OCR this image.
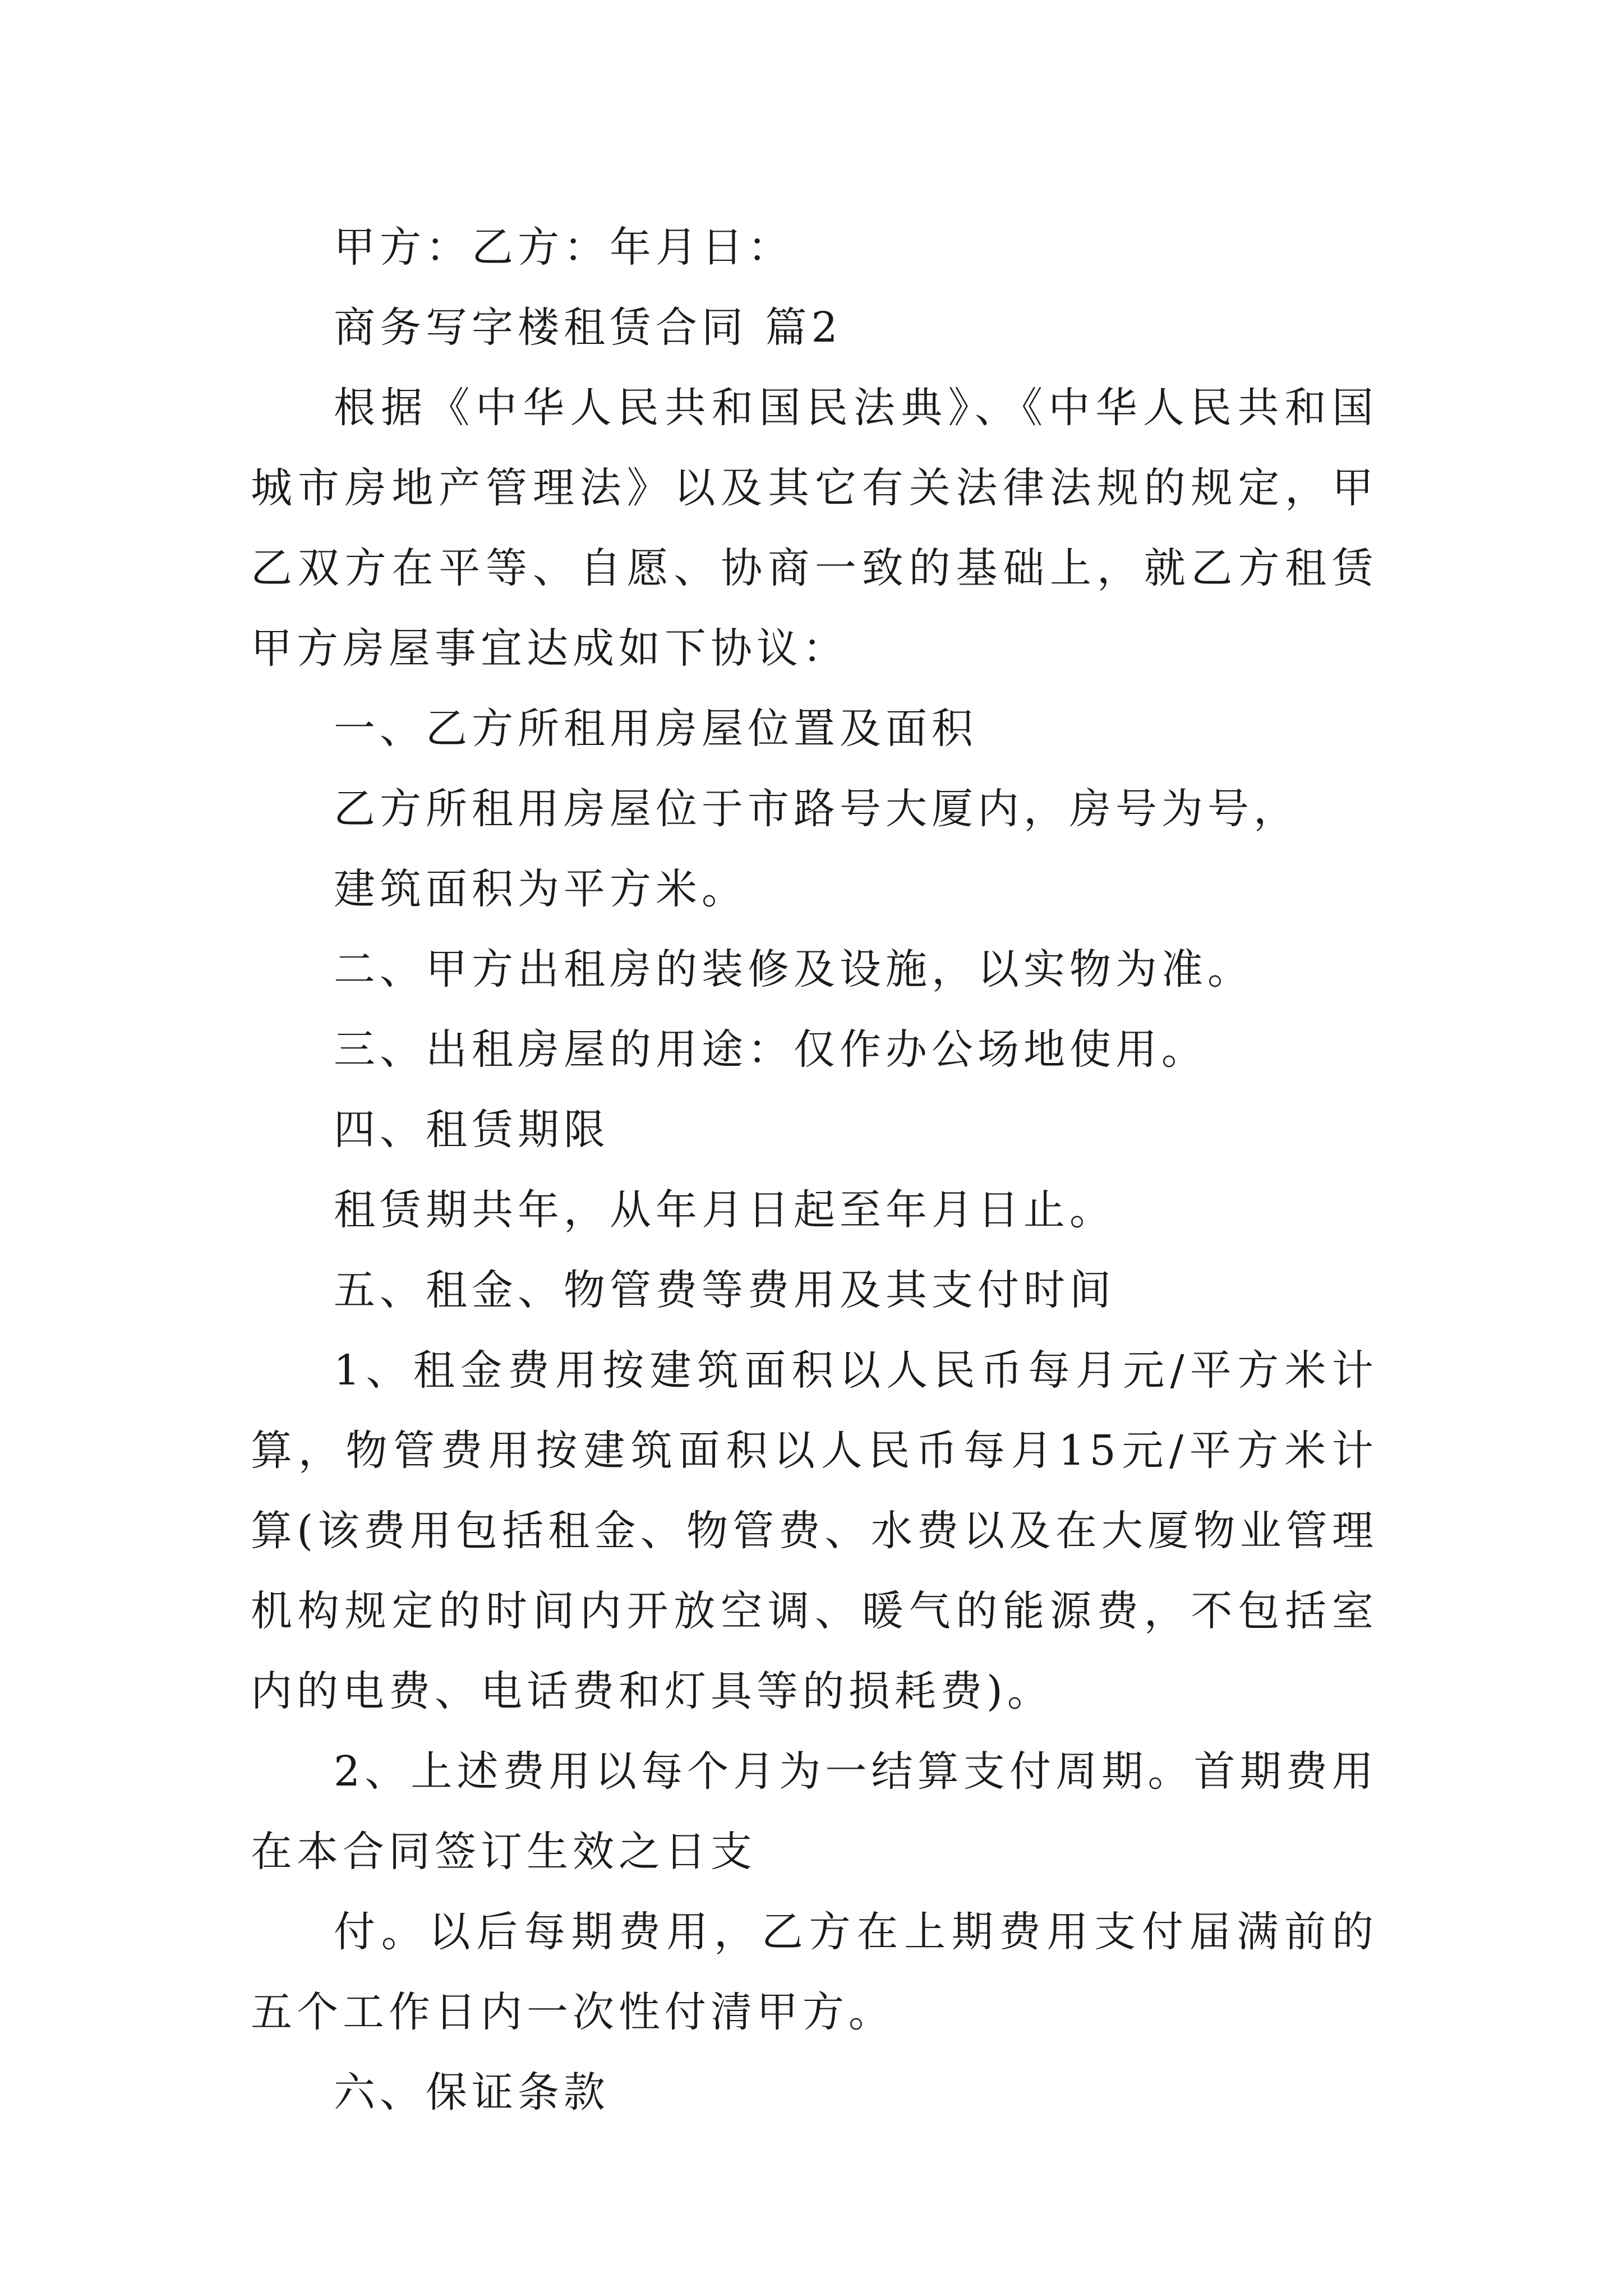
甲方：乙方：年月日：

商务写字楼租赁合同 篇2

根据《中华人民共和国民法典》、《中华人民共和国城市房地产管理法》以及其它有关法律法规的规定，甲乙双方在平等、自愿、协商一致的基础上，就乙方租赁甲方房屋事宜达成如下协议：

一、乙方所租用房屋位置及面积

乙方所租用房屋位于市路号大厦内，房号为号，

建筑面积为平方米。

二、甲方出租房的装修及设施，以实物为准。

三、出租房屋的用途：仅作办公场地使用。

四、租赁期限

租赁期共年，从年月日起至年月日止。

五、租金、物管费等费用及其支付时间

1、租金费用按建筑面积以人民币每月元/平方米计算，物管费用按建筑面积以人民币每月15元/平方米计算(该费用包括租金、物管费、水费以及在大厦物业管理机构规定的时间内开放空调、暖气的能源费，不包括室内的电费、电话费和灯具等的损耗费)。

2、上述费用以每个月为一结算支付周期。首期费用在本合同签订生效之日支

付。以后每期费用，乙方在上期费用支付届满前的五个工作日内一次性付清甲方。

六、保证条款
